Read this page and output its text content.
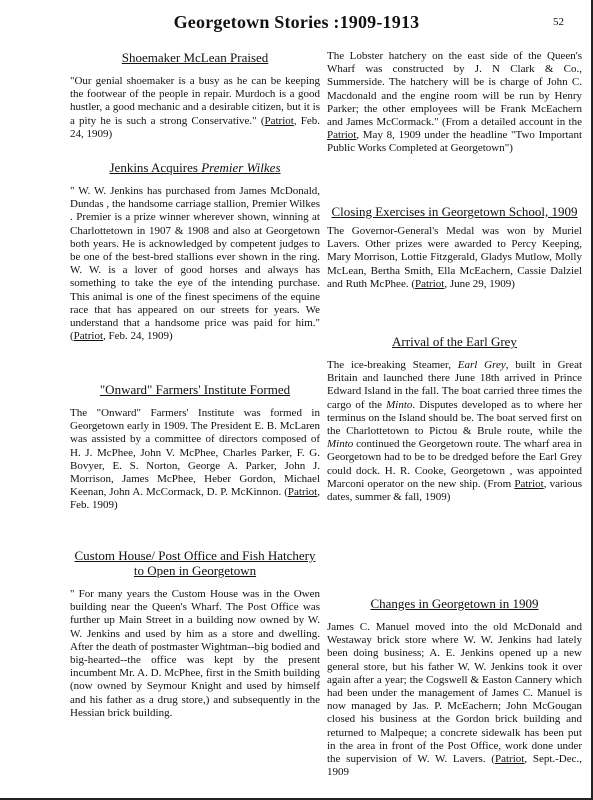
Georgetown Stories :1909-1913	52
Shoemaker McLean Praised

"Our genial shoemaker is a busy as he can be keeping the footwear of the people in repair. Murdoch is a good hustler, a good mechanic and a desirable citizen, but it is a pity he is such a strong Conservative." (Patriot, Feb. 24, 1909)

Jenkins Acquires Premier Wilkes

" W. W. Jenkins has purchased from James McDonald, Dundas , the handsome carriage stallion, Premier Wilkes . Premier is a prize winner wherever shown, winning at Charlottetown in 1907 & 1908 and also at Georgetown both years. He is acknowledged by competent judges to be one of the best-bred stallions ever shown in the ring. W. W. is a lover of good horses and always has something to take the eye of the intending purchase. This animal is one of the finest specimens of the equine race that has appeared on our streets for years. We understand that a handsome price was paid for him." (Patriot, Feb. 24, 1909)

"Onward" Farmers' Institute Formed

The "Onward" Farmers' Institute was formed in Georgetown early in 1909. The President E. B. McLaren was assisted by a committee of directors composed of H. J. McPhee, John V. McPhee, Charles Parker, F. G. Bovyer, E. S. Norton, George A. Parker, John J. Morrison, James McPhee, Heber Gordon, Michael Keenan, John A. McCormack, D. P. McKinnon. (Patriot, Feb. 1909)

Custom House/ Post Office and Fish Hatchery to Open in Georgetown

" For many years the Custom House was in the Owen building near the Queen's Wharf. The Post Office was further up Main Street in a building now owned by W. W. Jenkins and used by him as a store and dwelling. After the death of postmaster Wightman--big bodied and big-hearted--the office was kept by the present incumbent Mr. A. D. McPhee, first in the Smith building (now owned by Seymour Knight and used by himself and his father as a drug store,) and subsequently in the Hessian brick building.

The Lobster hatchery on the east side of the Queen's Wharf was constructed by J. N Clark & Co., Summerside. The hatchery will be is charge of John C. Macdonald and the engine room will be run by Henry Parker; the other employees will be Frank McEachern and James McCormack." (From a detailed account in the Patriot, May 8, 1909 under the headline "Two Important Public Works Completed at Georgetown")

Closing Exercises in Georgetown School, 1909

The Governor-General's Medal was won by Muriel Lavers. Other prizes were awarded to Percy Keeping, Mary Morrison, Lottie Fitzgerald, Gladys Mutlow, Molly McLean, Bertha Smith, Ella McEachern, Cassie Dalziel and Ruth McPhee. (Patriot, June 29, 1909)

Arrival of the Earl Grey

The ice-breaking Steamer, Earl Grey, built in Great Britain and launched there June 18th arrived in Prince Edward Island in the fall. The boat carried three times the cargo of the Minto. Disputes developed as to where her terminus on the Island should be. The boat served first on the Charlottetown to Pictou & Brule route, while the Minto continued the Georgetown route. The wharf area in Georgetown had to be to be dredged before the Earl Grey could dock. H. R. Cooke, Georgetown , was appointed Marconi operator on the new ship. (From Patriot, various dates, summer & fall, 1909)

Changes in Georgetown in 1909

James C. Manuel moved into the old McDonald and Westaway brick store where W. W. Jenkins had lately been doing business; A. E. Jenkins opened up a new general store, but his father W. W. Jenkins took it over again after a year; the Cogswell & Easton Cannery which had been under the management of James C. Manuel is now managed by Jas. P. McEachern; John McGougan closed his business at the Gordon brick building and returned to Malpeque; a concrete sidewalk has been put in the area in front of the Post Office, work done under the supervision of W. W. Lavers. (Patriot, Sept.-Dec., 1909
